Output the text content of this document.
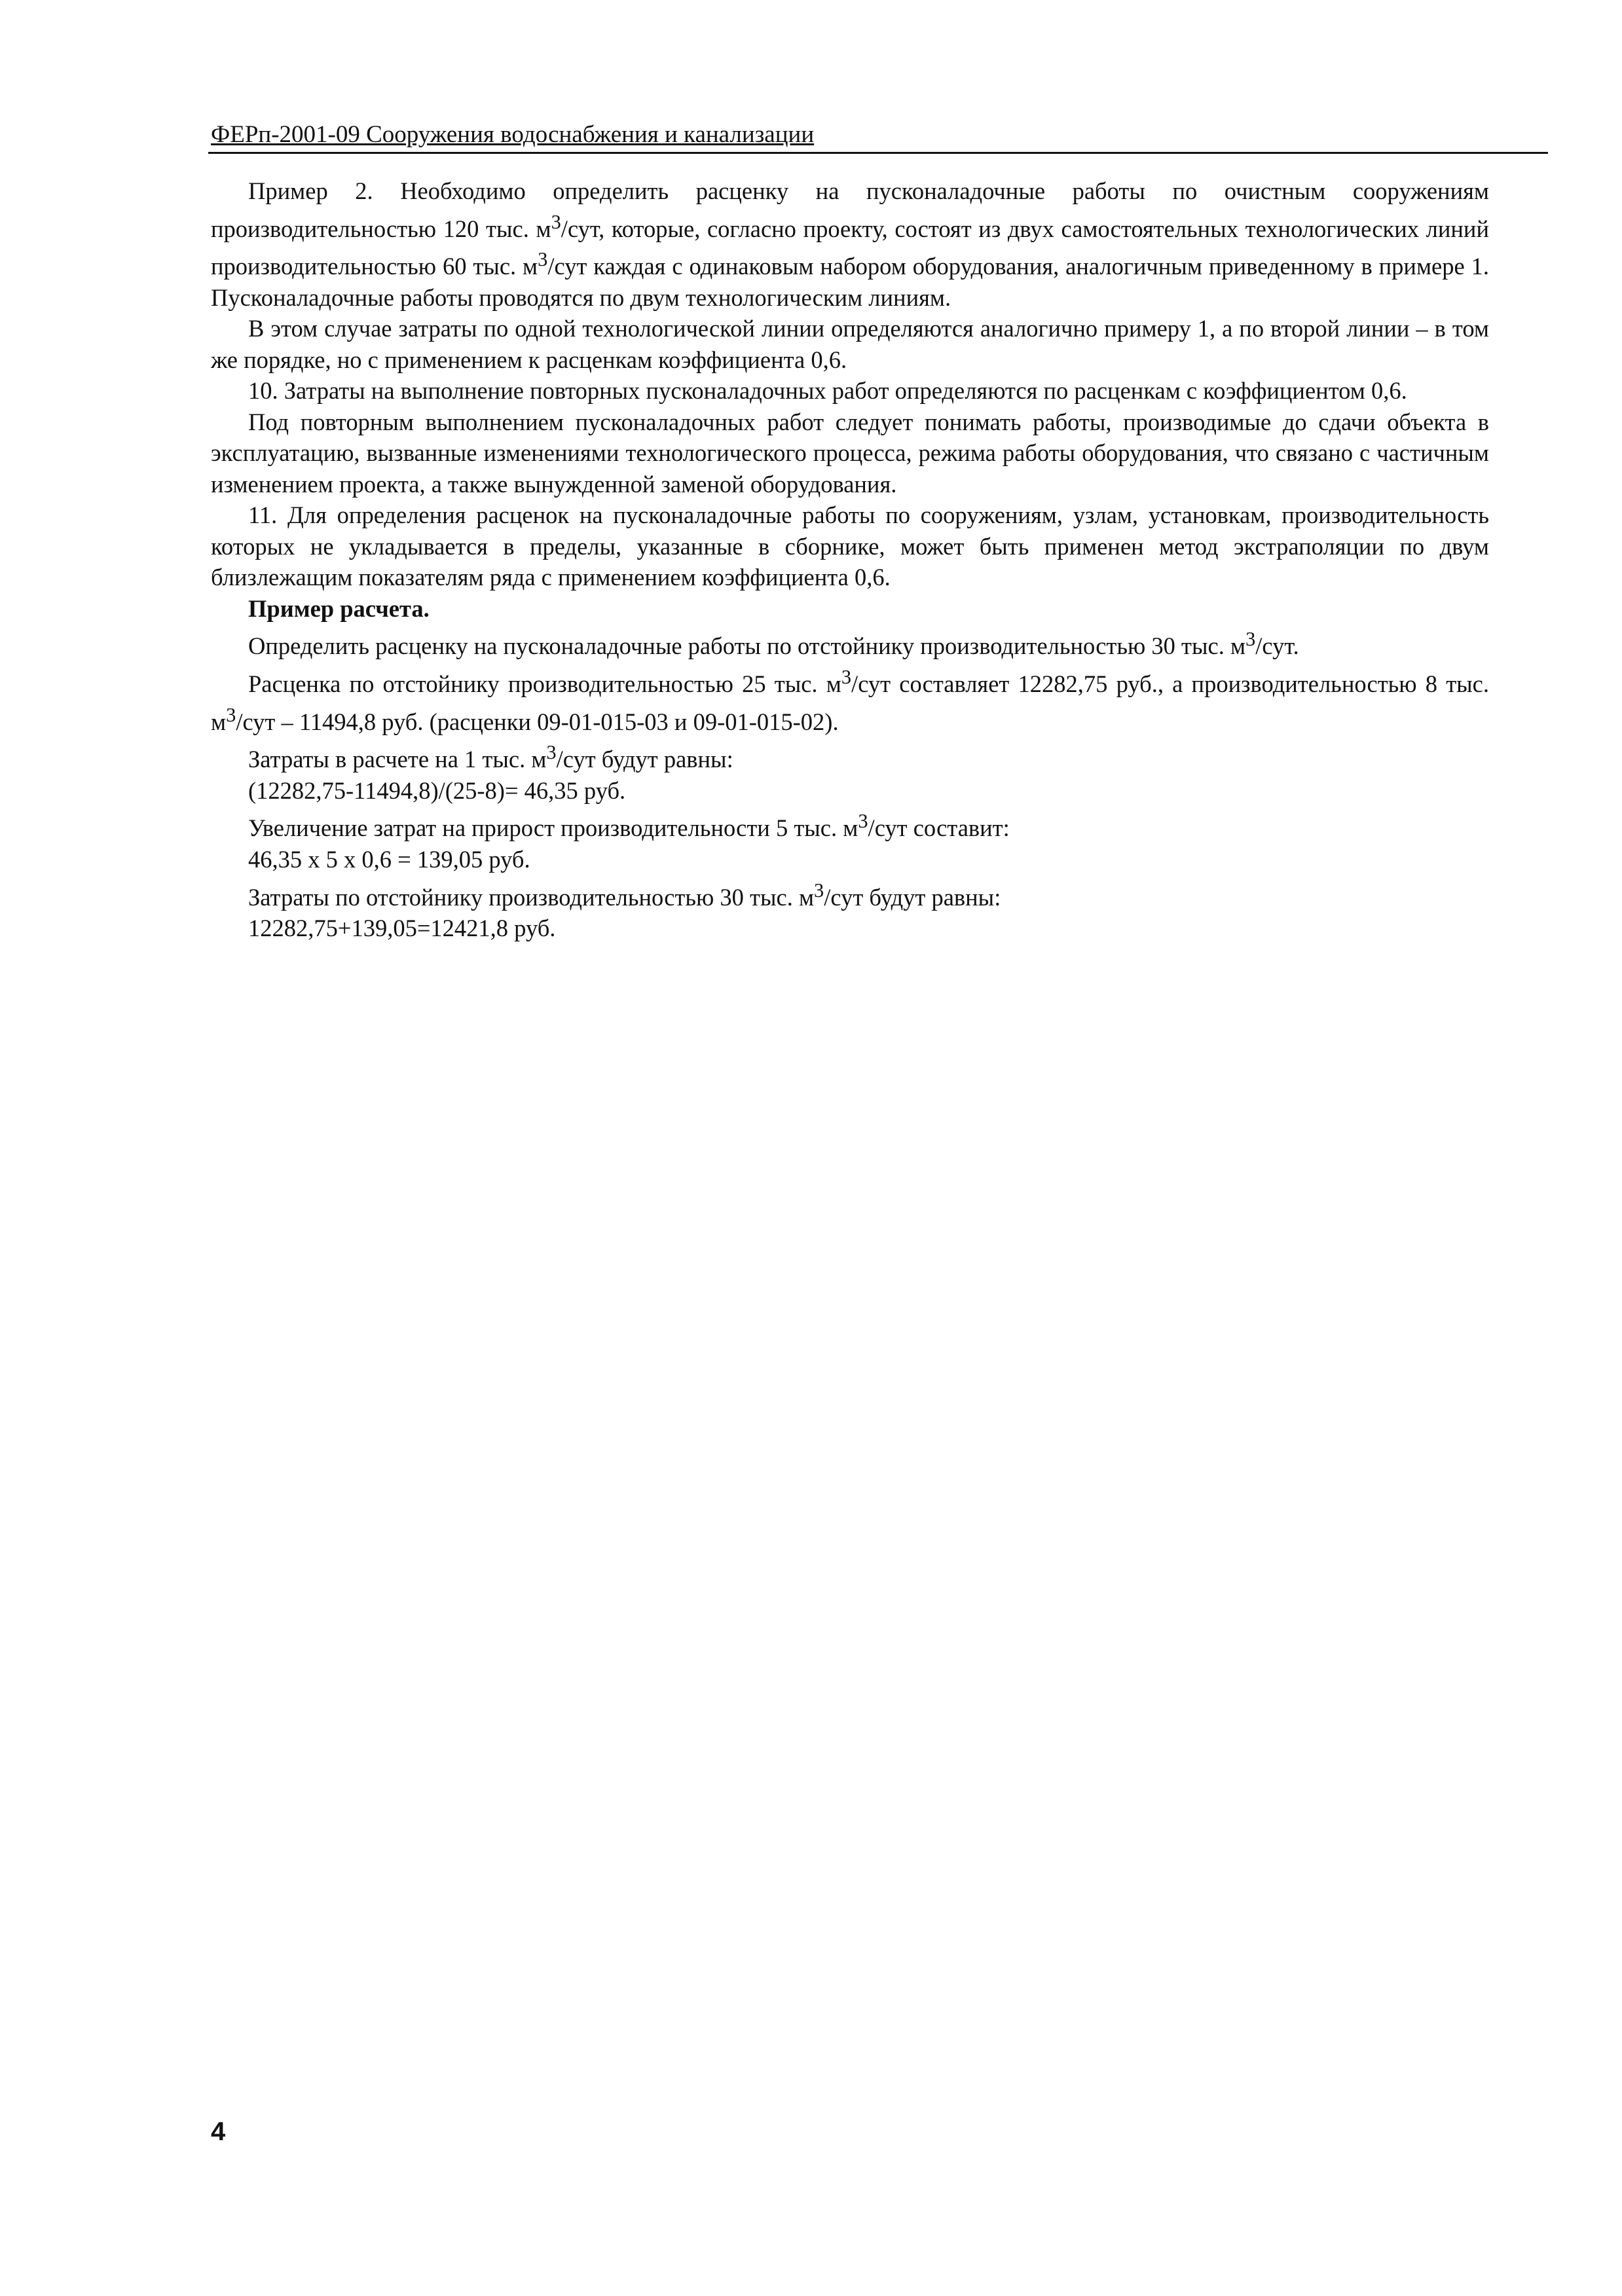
ФЕРп-2001-09 Сооружения водоснабжения и канализации

Пример 2. Необходимо определить расценку на пусконаладочные работы по очистным сооружениям производительностью 120 тыс. $м^3$/сут, которые, согласно проекту, состоят из двух самостоятельных технологических линий производительностью 60 тыс. $м^3$/сут каждая с одинаковым набором оборудования, аналогичным приведенному в примере 1. Пусконаладочные работы проводятся по двум технологическим линиям.

В этом случае затраты по одной технологической линии определяются аналогично примеру 1, а по второй линии – в том же порядке, но с применением к расценкам коэффициента 0,6.

10. Затраты на выполнение повторных пусконаладочных работ определяются по расценкам с коэффициентом 0,6.

Под повторным выполнением пусконаладочных работ следует понимать работы, производимые до сдачи объекта в эксплуатацию, вызванные изменениями технологического процесса, режима работы оборудования, что связано с частичным изменением проекта, а также вынужденной заменой оборудования.

11. Для определения расценок на пусконаладочные работы по сооружениям, узлам, установкам, производительность которых не укладывается в пределы, указанные в сборнике, может быть применен метод экстраполяции по двум близлежащим показателям ряда с применением коэффициента 0,6.

Пример расчета.

Определить расценку на пусконаладочные работы по отстойнику производительностью 30 тыс. $м^3$/сут.

Расценка по отстойнику производительностью 25 тыс. $м^3$/сут составляет 12282,75 руб., а производительностью 8 тыс. $м^3$/сут – 11494,8 руб. (расценки 09-01-015-03 и 09-01-015-02).

Затраты в расчете на 1 тыс. $м^3$/сут будут равны:

(12282,75-11494,8)/(25-8)= 46,35 руб.

Увеличение затрат на прирост производительности 5 тыс. $м^3$/сут составит:

46,35 х 5 х 0,6 = 139,05 руб.

Затраты по отстойнику производительностью 30 тыс. $м^3$/сут будут равны:

12282,75+139,05=12421,8 руб.

4
